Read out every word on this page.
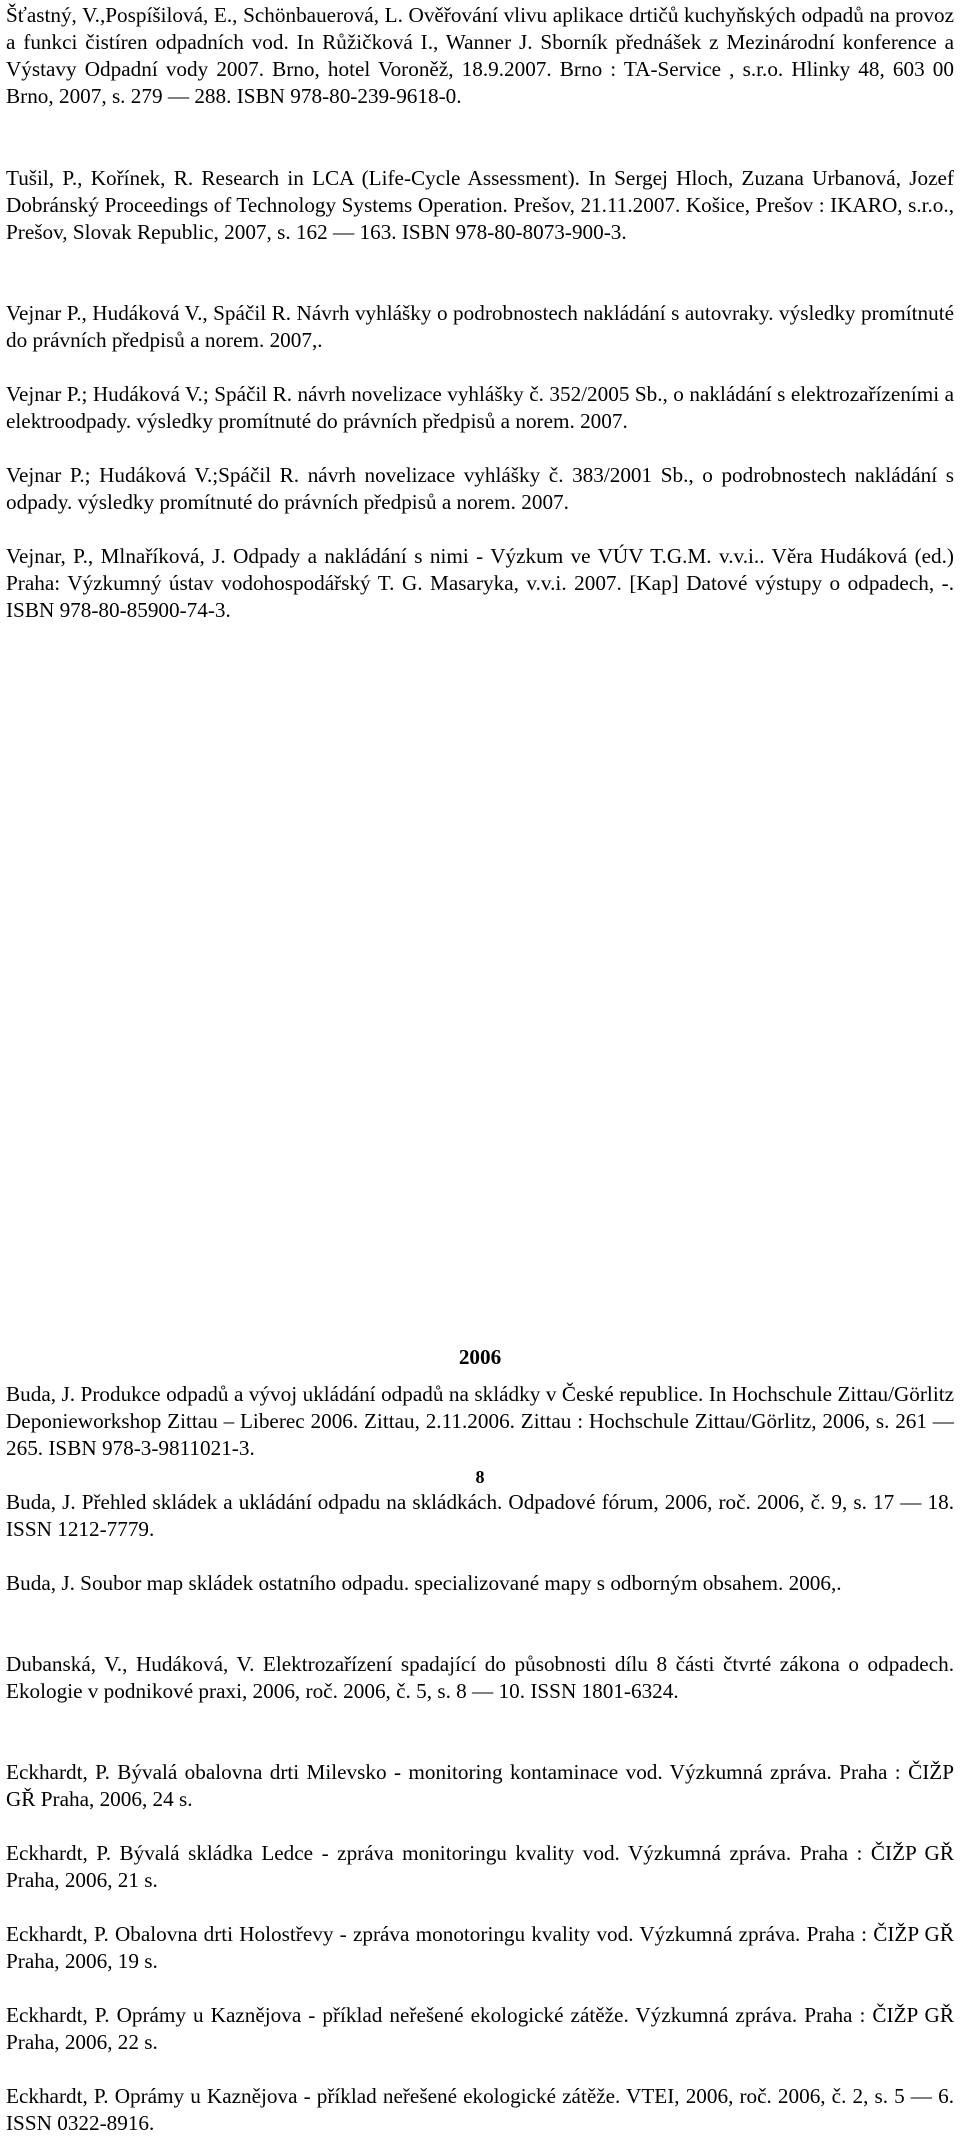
Šťastný, V.,Pospíšilová, E., Schönbauerová, L. Ověřování vlivu aplikace drtičů kuchyňských odpadů na provoz a funkci čistíren odpadních vod. In Růžičková I., Wanner J. Sborník přednášek z Mezinárodní konference a Výstavy Odpadní vody 2007. Brno, hotel Voroněž, 18.9.2007. Brno : TA-Service , s.r.o. Hlinky 48, 603 00 Brno, 2007, s. 279 — 288. ISBN 978-80-239-9618-0.

Tušil, P., Kořínek, R. Research in LCA (Life-Cycle Assessment). In Sergej Hloch, Zuzana Urbanová, Jozef Dobránský Proceedings of Technology Systems Operation. Prešov, 21.11.2007. Košice, Prešov : IKARO, s.r.o., Prešov, Slovak Republic, 2007, s. 162 — 163. ISBN 978-80-8073-900-3.

Vejnar P., Hudáková V., Spáčil R. Návrh vyhlášky o podrobnostech nakládání s autovraky. výsledky promítnuté do právních předpisů a norem. 2007,.

Vejnar P.; Hudáková V.; Spáčil R. návrh novelizace vyhlášky č. 352/2005 Sb., o nakládání s elektrozařízeními a elektroodpady. výsledky promítnuté do právních předpisů a norem. 2007.

Vejnar P.; Hudáková V.;Spáčil R. návrh novelizace vyhlášky č. 383/2001 Sb., o podrobnostech nakládání s odpady. výsledky promítnuté do právních předpisů a norem. 2007.

Vejnar, P., Mlnaříková, J. Odpady a nakládání s nimi - Výzkum ve VÚV T.G.M. v.v.i.. Věra Hudáková (ed.) Praha: Výzkumný ústav vodohospodářský T. G. Masaryka, v.v.i. 2007. [Kap] Datové výstupy o odpadech, -. ISBN 978-80-85900-74-3.

2006

Buda, J. Produkce odpadů a vývoj ukládání odpadů na skládky v České republice. In Hochschule Zittau/Görlitz Deponieworkshop Zittau – Liberec 2006. Zittau, 2.11.2006. Zittau : Hochschule Zittau/Görlitz, 2006, s. 261 — 265. ISBN 978-3-9811021-3.

Buda, J. Přehled skládek a ukládání odpadu na skládkách. Odpadové fórum, 2006, roč. 2006, č. 9, s. 17 — 18. ISSN 1212-7779.

Buda, J. Soubor map skládek ostatního odpadu. specializované mapy s odborným obsahem. 2006,.

Dubanská, V., Hudáková, V. Elektrozařízení spadající do působnosti dílu 8 části čtvrté zákona o odpadech. Ekologie v podnikové praxi, 2006, roč. 2006, č. 5, s. 8 — 10. ISSN 1801-6324.

Eckhardt, P. Bývalá obalovna drti Milevsko - monitoring kontaminace vod. Výzkumná zpráva. Praha : ČIŽP GŘ Praha, 2006, 24 s.

Eckhardt, P. Bývalá skládka Ledce - zpráva monitoringu kvality vod. Výzkumná zpráva. Praha : ČIŽP GŘ Praha, 2006, 21 s.

Eckhardt, P. Obalovna drti Holostřevy - zpráva monotoringu kvality vod. Výzkumná zpráva. Praha : ČIŽP GŘ Praha, 2006, 19 s.

Eckhardt, P. Oprámy u Kaznějova - příklad neřešené ekologické zátěže. Výzkumná zpráva. Praha : ČIŽP GŘ Praha, 2006, 22 s.

Eckhardt, P. Oprámy u Kaznějova - příklad neřešené ekologické zátěže. VTEI, 2006, roč. 2006, č. 2, s. 5 — 6. ISSN 0322-8916.

8
